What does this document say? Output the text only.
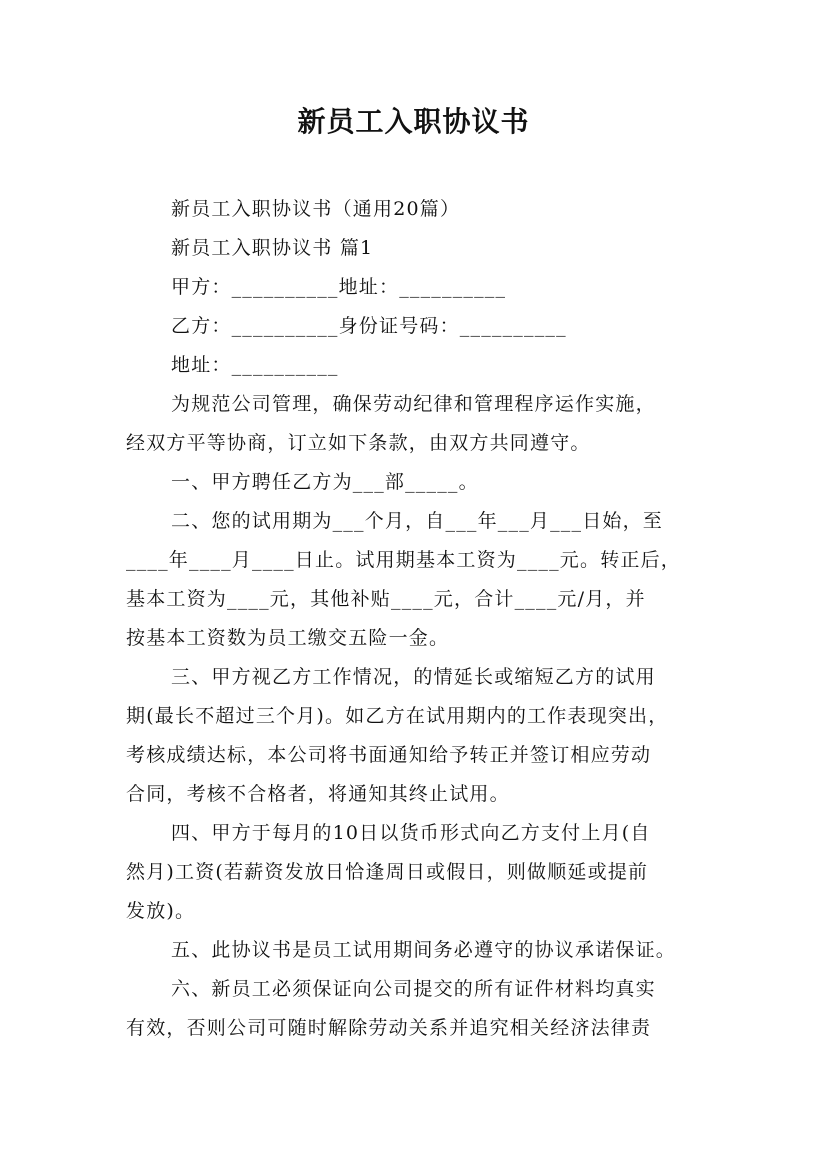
新员工入职协议书
新员工入职协议书（通用20篇）
新员工入职协议书 篇1
甲方：__________地址：__________
乙方：__________身份证号码：__________
地址：__________
为规范公司管理，确保劳动纪律和管理程序运作实施，
经双方平等协商，订立如下条款，由双方共同遵守。
一、甲方聘任乙方为___部_____。
二、您的试用期为___个月，自___年___月___日始，至
____年____月____日止。试用期基本工资为____元。转正后，
基本工资为____元，其他补贴____元，合计____元/月，并
按基本工资数为员工缴交五险一金。
三、甲方视乙方工作情况，的情延长或缩短乙方的试用
期(最长不超过三个月)。如乙方在试用期内的工作表现突出，
考核成绩达标，本公司将书面通知给予转正并签订相应劳动
合同，考核不合格者，将通知其终止试用。
四、甲方于每月的10日以货币形式向乙方支付上月(自
然月)工资(若薪资发放日恰逢周日或假日，则做顺延或提前
发放)。
五、此协议书是员工试用期间务必遵守的协议承诺保证。
六、新员工必须保证向公司提交的所有证件材料均真实
有效，否则公司可随时解除劳动关系并追究相关经济法律责
